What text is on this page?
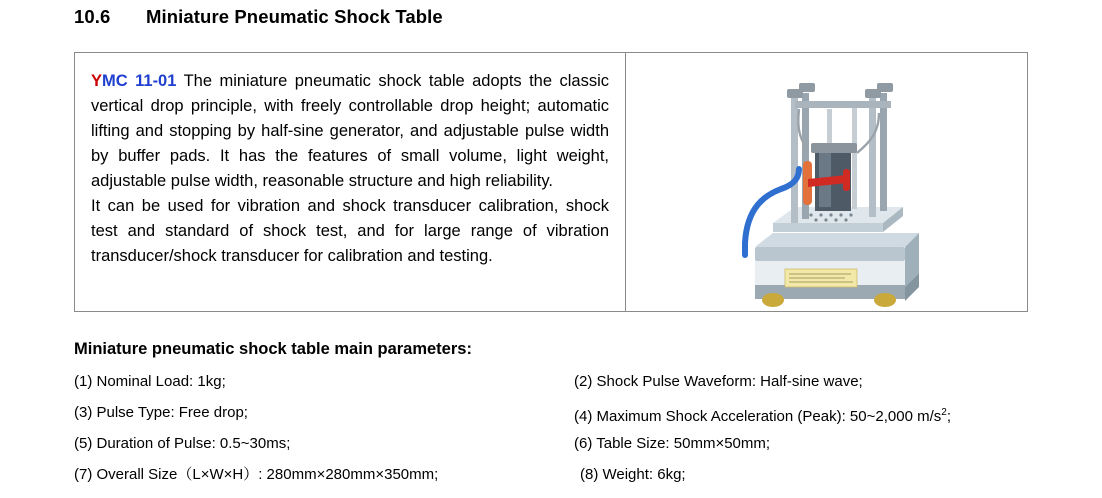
10.6 Miniature Pneumatic Shock Table

YMC 11-01 The miniature pneumatic shock table adopts the classic vertical drop principle, with freely controllable drop height; automatic lifting and stopping by half-sine generator, and adjustable pulse width by buffer pads. It has the features of small volume, light weight, adjustable pulse width, reasonable structure and high reliability.

It can be used for vibration and shock transducer calibration, shock test and standard of shock test, and for large range of vibration transducer/shock transducer for calibration and testing.

Miniature pneumatic shock table main parameters:
(1) Nominal Load: 1kg;	(2) Shock Pulse Waveform: Half-sine wave;
(3) Pulse Type: Free drop;	(4) Maximum Shock Acceleration (Peak): 50~2,000 $m/s^2$;
(5) Duration of Pulse: 0.5~30ms;	(6) Table Size: 50mm×50mm;
(7) Overall Size（L×W×H）: 280mm×280mm×350mm;	(8) Weight: 6kg;
